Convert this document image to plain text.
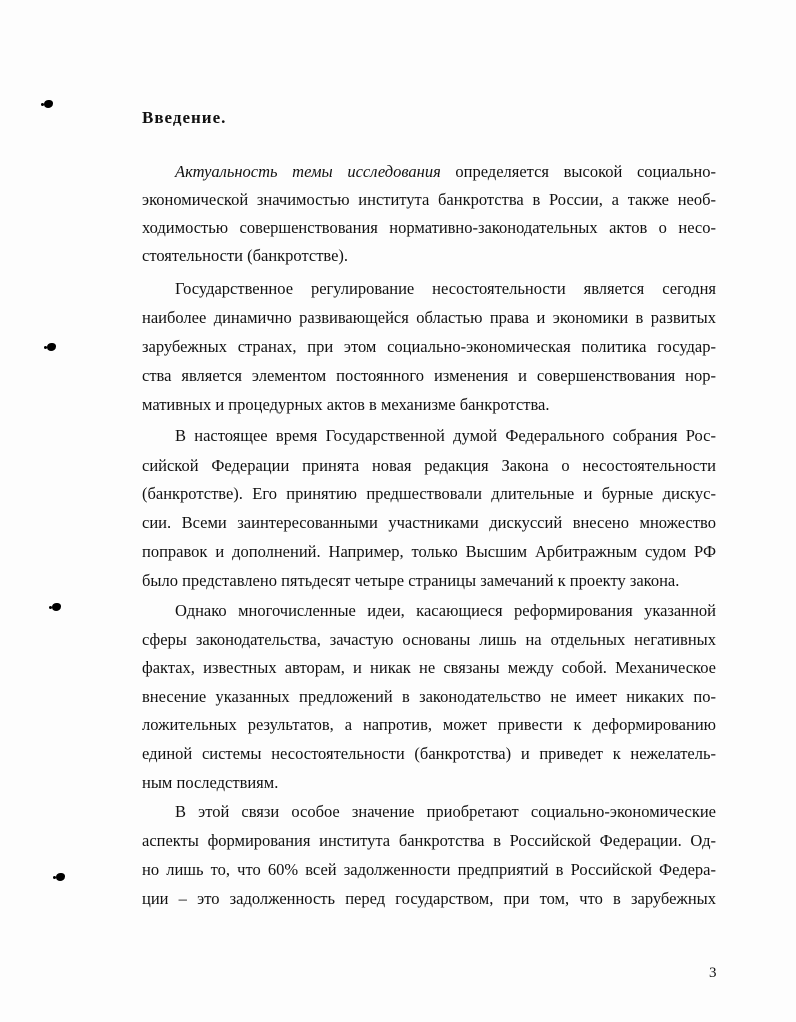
Введение.
Актуальность темы исследования определяется высокой социально-
экономической значимостью института банкротства в России, а также необ-
ходимостью совершенствования нормативно-законодательных актов о несо-
стоятельности (банкротстве).
Государственное регулирование несостоятельности является сегодня
наиболее динамично развивающейся областью права и экономики в развитых
зарубежных странах, при этом социально-экономическая политика государ-
ства является элементом постоянного изменения и совершенствования нор-
мативных и процедурных актов в механизме банкротства.
В настоящее время Государственной думой Федерального собрания Рос-
сийской Федерации принята новая редакция Закона о несостоятельности
(банкротстве). Его принятию предшествовали длительные и бурные дискус-
сии. Всеми заинтересованными участниками дискуссий внесено множество
поправок и дополнений. Например, только Высшим Арбитражным судом РФ
было представлено пятьдесят четыре страницы замечаний к проекту закона.
Однако многочисленные идеи, касающиеся реформирования указанной
сферы законодательства, зачастую основаны лишь на отдельных негативных
фактах, известных авторам, и никак не связаны между собой. Механическое
внесение указанных предложений в законодательство не имеет никаких по-
ложительных результатов, а напротив, может привести к деформированию
единой системы несостоятельности (банкротства) и приведет к нежелатель-
ным последствиям.
В этой связи особое значение приобретают социально-экономические
аспекты формирования института банкротства в Российской Федерации. Од-
но лишь то, что 60% всей задолженности предприятий в Российской Федера-
ции – это задолженность перед государством, при том, что в зарубежных
3
